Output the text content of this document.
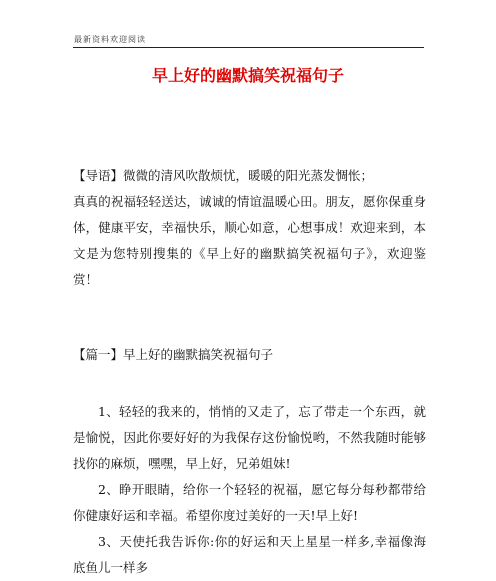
最新资料欢迎阅读
早上好的幽默搞笑祝福句子

【导语】微微的清风吹散烦忧，暖暖的阳光蒸发惆怅；

真真的祝福轻轻送达，诚诚的情谊温暖心田。朋友，愿你保重身体，健康平安，幸福快乐，顺心如意，心想事成！欢迎来到，本文是为您特别搜集的《早上好的幽默搞笑祝福句子》，欢迎鉴赏！

【篇一】早上好的幽默搞笑祝福句子

1、轻轻的我来的，悄悄的又走了，忘了带走一个东西，就是愉悦，因此你要好好的为我保存这份愉悦哟，不然我随时能够找你的麻烦，嘿嘿，早上好，兄弟姐妹!

2、睁开眼睛，给你一个轻轻的祝福，愿它每分每秒都带给你健康好运和幸福。希望你度过美好的一天!早上好!

3、天使托我告诉你:你的好运和天上星星一样多,幸福像海底鱼儿一样多
